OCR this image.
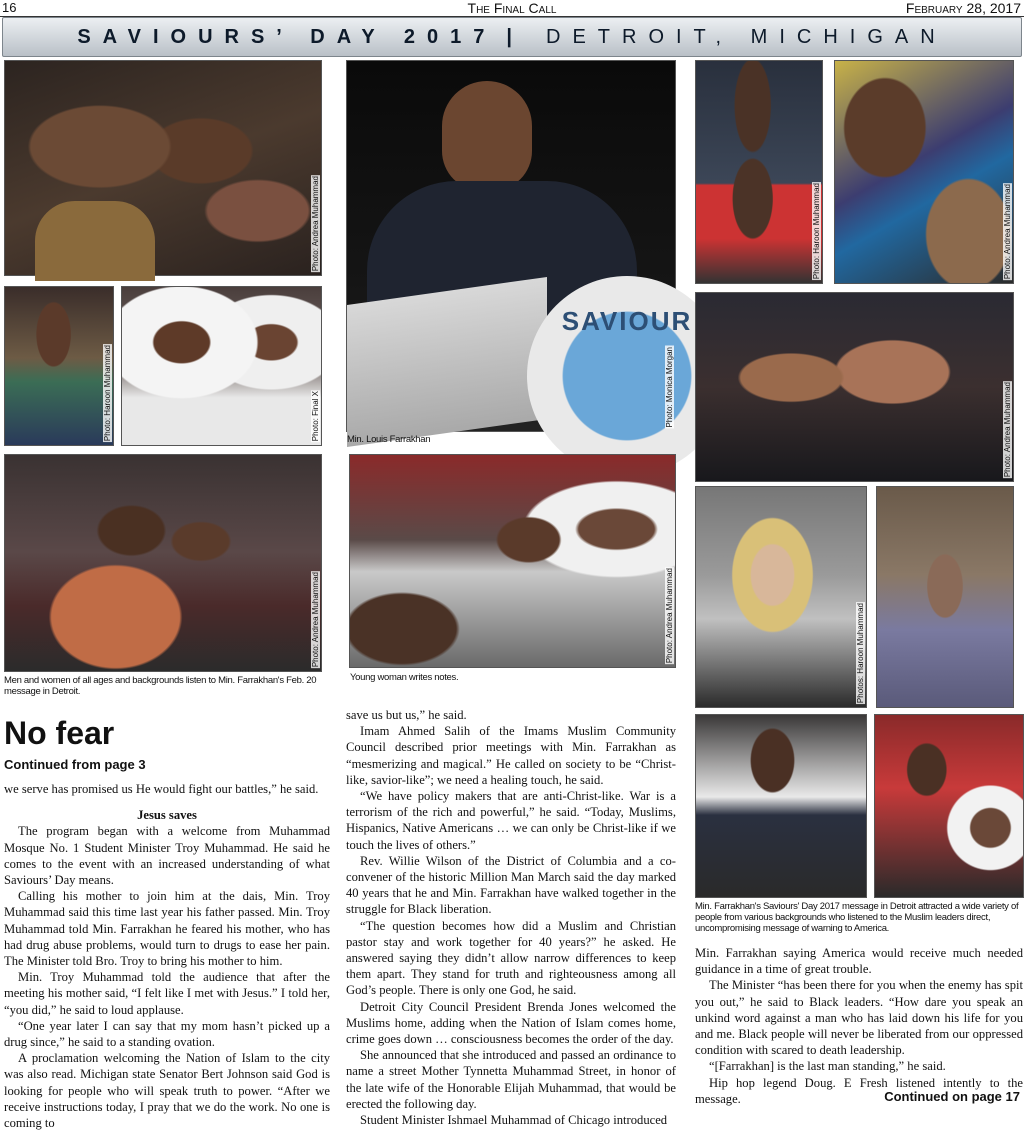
16	The Final Call	February 28, 2017
SAVIOURS’ DAY 2017 | DETROIT, MICHIGAN
Photo: Andrea Muhammad
SAVIOUR
Photo: Monica Morgan
Min. Louis Farrakhan
Photo: Haroon Muhammad	Photo: Andrea Muhammad
Photo: Haroon Muhammad	Photo: Final X	Photo: Andrea Muhammad
Photo: Andrea Muhammad
Men and women of all ages and backgrounds listen to Min. Farrakhan's Feb. 20 message in Detroit.
Photo: Andrea Muhammad
Young woman writes notes.	Photos: Haroon Muhammad
Min. Farrakhan's Saviours' Day 2017 message in Detroit attracted a wide variety of people from various backgrounds who listened to the Muslim leaders direct, uncompromising message of warning to America.
No fear
Continued from page 3

we serve has promised us He would fight our battles,” he said.

Jesus saves

The program began with a welcome from Muhammad Mosque No. 1 Student Minister Troy Muhammad. He said he comes to the event with an increased understanding of what Saviours’ Day means.

Calling his mother to join him at the dais, Min. Troy Muhammad said this time last year his father passed. Min. Troy Muhammad told Min. Farrakhan he feared his mother, who has had drug abuse problems, would turn to drugs to ease her pain. The Minister told Bro. Troy to bring his mother to him.

Min. Troy Muhammad told the audience that after the meeting his mother said, “I felt like I met with Jesus.” I told her, “you did,” he said to loud applause.

“One year later I can say that my mom hasn’t picked up a drug since,” he said to a standing ovation.

A proclamation welcoming the Nation of Islam to the city was also read. Michigan state Senator Bert Johnson said God is looking for people who will speak truth to power. “After we receive instructions today, I pray that we do the work. No one is coming to

save us but us,” he said.

Imam Ahmed Salih of the Imams Muslim Community Council described prior meetings with Min. Farrakhan as “mesmerizing and magical.” He called on society to be “Christ-like, savior-like”; we need a healing touch, he said.

“We have policy makers that are anti-Christ-like. War is a terrorism of the rich and powerful,” he said. “Today, Muslims, Hispanics, Native Americans … we can only be Christ-like if we touch the lives of others.”

Rev. Willie Wilson of the District of Columbia and a co-convener of the historic Million Man March said the day marked 40 years that he and Min. Farrakhan have walked together in the struggle for Black liberation.

“The question becomes how did a Muslim and Christian pastor stay and work together for 40 years?” he asked. He answered saying they didn’t allow narrow differences to keep them apart. They stand for truth and righteousness among all God’s people. There is only one God, he said.

Detroit City Council President Brenda Jones welcomed the Muslims home, adding when the Nation of Islam comes home, crime goes down … consciousness becomes the order of the day.

She announced that she introduced and passed an ordinance to name a street Mother Tynnetta Muhammad Street, in honor of the late wife of the Honorable Elijah Muhammad, that would be erected the following day.

Student Minister Ishmael Muhammad of Chicago introduced

Min. Farrakhan saying America would receive much needed guidance in a time of great trouble.

The Minister “has been there for you when the enemy has spit you out,” he said to Black leaders. “How dare you speak an unkind word against a man who has laid down his life for you and me. Black people will never be liberated from our oppressed condition with scared to death leadership.

“[Farrakhan] is the last man standing,” he said.

Hip hop legend Doug. E Fresh listened intently to the message.	Continued on page 17
